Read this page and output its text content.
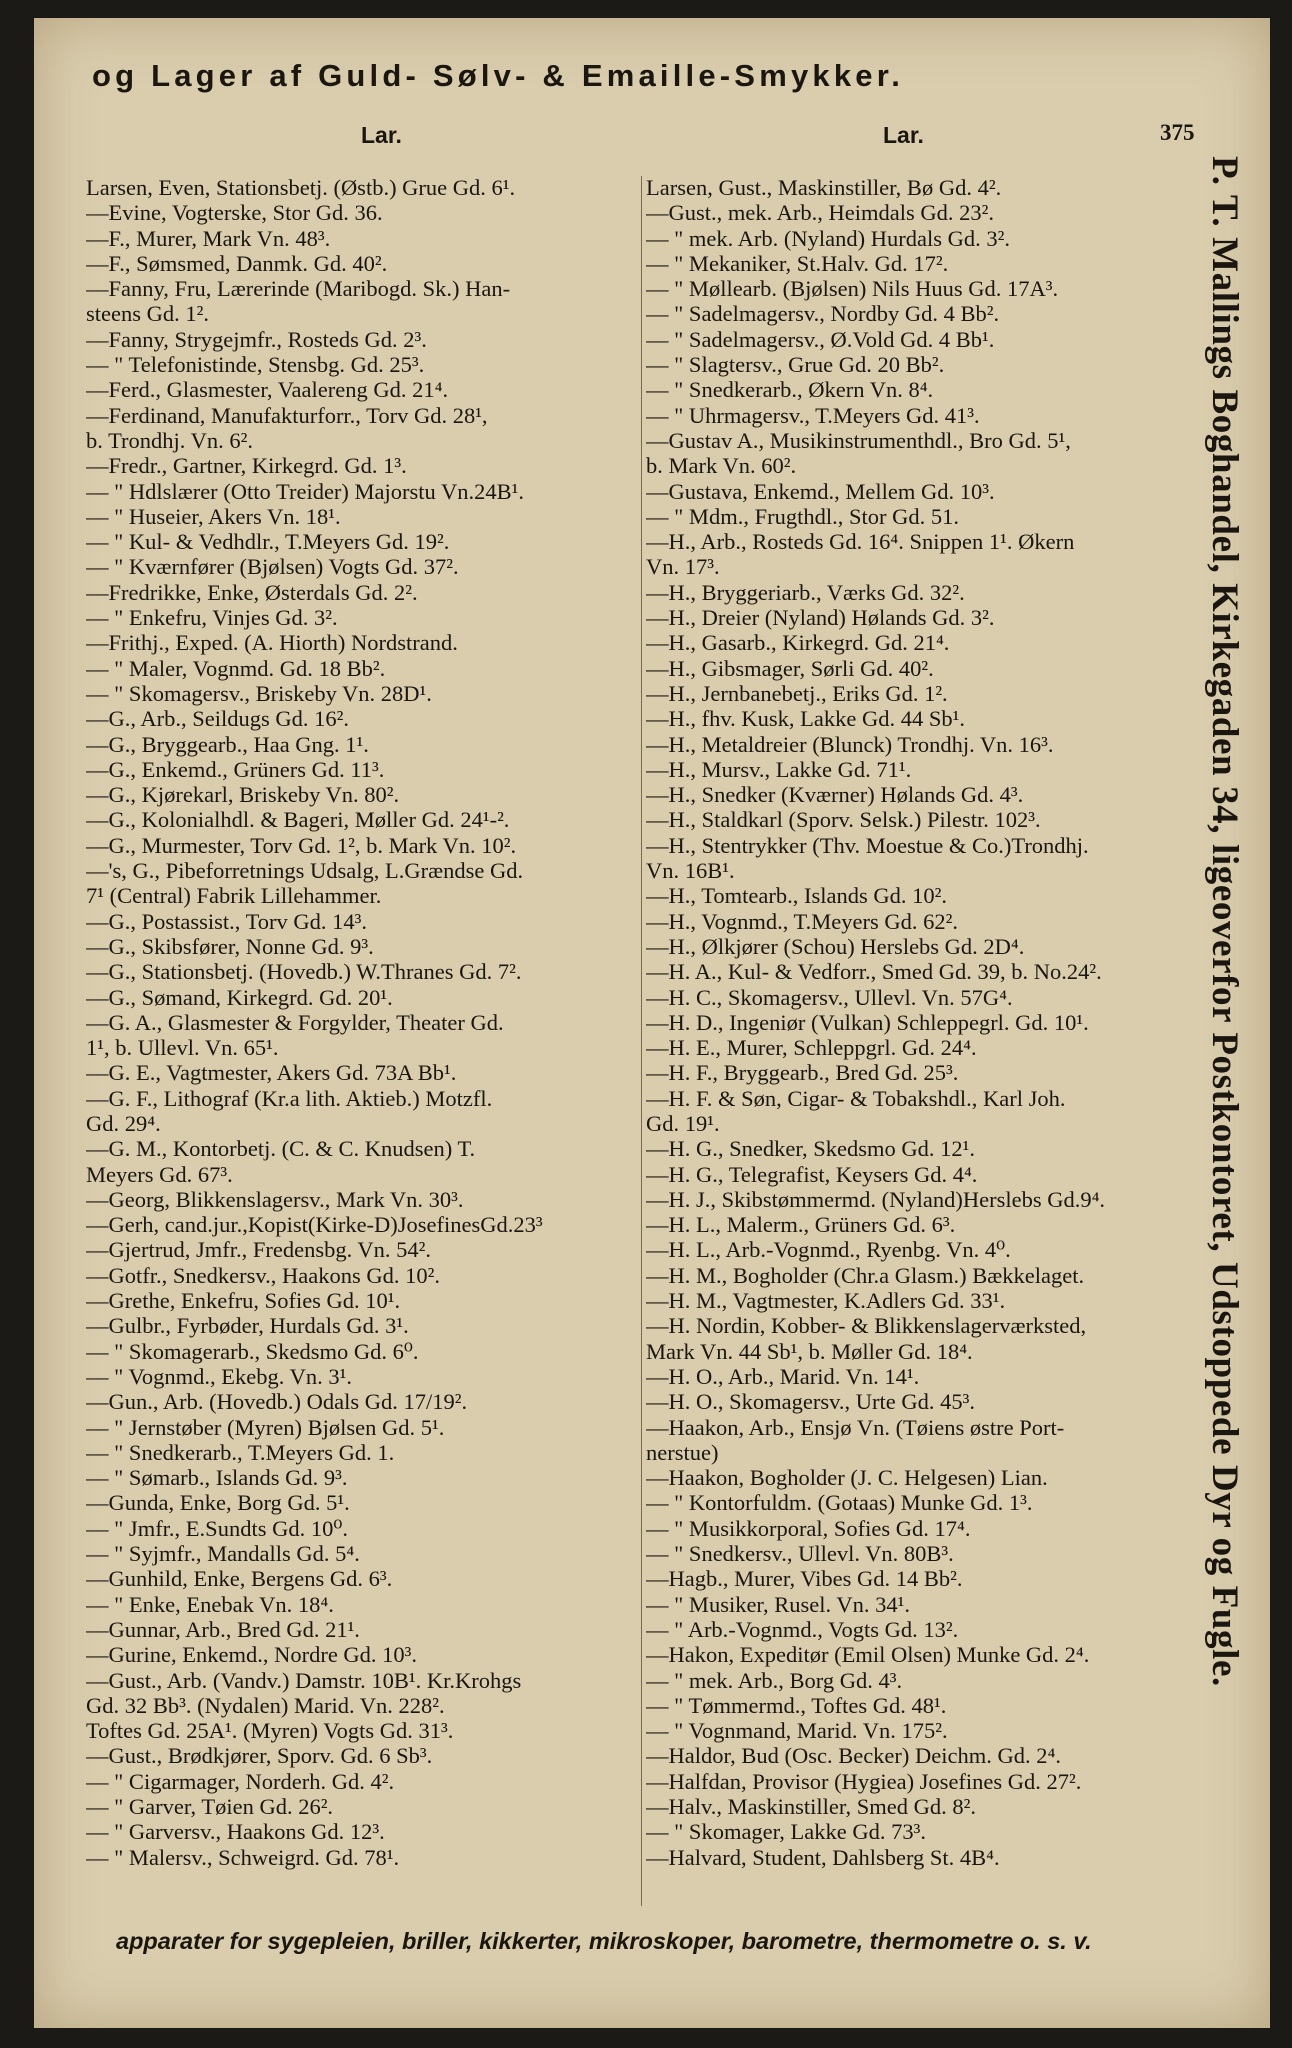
og Lager af Guld- Sølv- & Emaille-Smykker.
Lar.	Lar.	375
Larsen, Even, Stationsbetj. (Østb.) Grue Gd. 6¹.
—Evine, Vogterske, Stor Gd. 36.
—F., Murer, Mark Vn. 48³.
—F., Sømsmed, Danmk. Gd. 40².
—Fanny, Fru, Lærerinde (Maribogd. Sk.) Han-
steens Gd. 1².
—Fanny, Strygejmfr., Rosteds Gd. 2³.
— " Telefonistinde, Stensbg. Gd. 25³.
—Ferd., Glasmester, Vaalereng Gd. 21⁴.
—Ferdinand, Manufakturforr., Torv Gd. 28¹,
b. Trondhj. Vn. 6².
—Fredr., Gartner, Kirkegrd. Gd. 1³.
— " Hdlslærer (Otto Treider) Majorstu Vn.24B¹.
— " Huseier, Akers Vn. 18¹.
— " Kul- & Vedhdlr., T.Meyers Gd. 19².
— " Kværnfører (Bjølsen) Vogts Gd. 37².
—Fredrikke, Enke, Østerdals Gd. 2².
— " Enkefru, Vinjes Gd. 3².
—Frithj., Exped. (A. Hiorth) Nordstrand.
— " Maler, Vognmd. Gd. 18 Bb².
— " Skomagersv., Briskeby Vn. 28D¹.
—G., Arb., Seildugs Gd. 16².
—G., Bryggearb., Haa Gng. 1¹.
—G., Enkemd., Grüners Gd. 11³.
—G., Kjørekarl, Briskeby Vn. 80².
—G., Kolonialhdl. & Bageri, Møller Gd. 24¹-².
—G., Murmester, Torv Gd. 1², b. Mark Vn. 10².
—'s, G., Pibeforretnings Udsalg, L.Grændse Gd.
7¹ (Central) Fabrik Lillehammer.
—G., Postassist., Torv Gd. 14³.
—G., Skibsfører, Nonne Gd. 9³.
—G., Stationsbetj. (Hovedb.) W.Thranes Gd. 7².
—G., Sømand, Kirkegrd. Gd. 20¹.
—G. A., Glasmester & Forgylder, Theater Gd.
1¹, b. Ullevl. Vn. 65¹.
—G. E., Vagtmester, Akers Gd. 73A Bb¹.
—G. F., Lithograf (Kr.a lith. Aktieb.) Motzfl.
Gd. 29⁴.
—G. M., Kontorbetj. (C. & C. Knudsen) T.
Meyers Gd. 67³.
—Georg, Blikkenslagersv., Mark Vn. 30³.
—Gerh, cand.jur.,Kopist(Kirke-D)JosefinesGd.23³
—Gjertrud, Jmfr., Fredensbg. Vn. 54².
—Gotfr., Snedkersv., Haakons Gd. 10².
—Grethe, Enkefru, Sofies Gd. 10¹.
—Gulbr., Fyrbøder, Hurdals Gd. 3¹.
— " Skomagerarb., Skedsmo Gd. 6⁰.
— " Vognmd., Ekebg. Vn. 3¹.
—Gun., Arb. (Hovedb.) Odals Gd. 17/19².
— " Jernstøber (Myren) Bjølsen Gd. 5¹.
— " Snedkerarb., T.Meyers Gd. 1.
— " Sømarb., Islands Gd. 9³.
—Gunda, Enke, Borg Gd. 5¹.
— " Jmfr., E.Sundts Gd. 10⁰.
— " Syjmfr., Mandalls Gd. 5⁴.
—Gunhild, Enke, Bergens Gd. 6³.
— " Enke, Enebak Vn. 18⁴.
—Gunnar, Arb., Bred Gd. 21¹.
—Gurine, Enkemd., Nordre Gd. 10³.
—Gust., Arb. (Vandv.) Damstr. 10B¹. Kr.Krohgs
Gd. 32 Bb³. (Nydalen) Marid. Vn. 228².
Toftes Gd. 25A¹. (Myren) Vogts Gd. 31³.
—Gust., Brødkjører, Sporv. Gd. 6 Sb³.
— " Cigarmager, Norderh. Gd. 4².
— " Garver, Tøien Gd. 26².
— " Garversv., Haakons Gd. 12³.
— " Malersv., Schweigrd. Gd. 78¹.
Larsen, Gust., Maskinstiller, Bø Gd. 4².
—Gust., mek. Arb., Heimdals Gd. 23².
— " mek. Arb. (Nyland) Hurdals Gd. 3².
— " Mekaniker, St.Halv. Gd. 17².
— " Møllearb. (Bjølsen) Nils Huus Gd. 17A³.
— " Sadelmagersv., Nordby Gd. 4 Bb².
— " Sadelmagersv., Ø.Vold Gd. 4 Bb¹.
— " Slagtersv., Grue Gd. 20 Bb².
— " Snedkerarb., Økern Vn. 8⁴.
— " Uhrmagersv., T.Meyers Gd. 41³.
—Gustav A., Musikinstrumenthdl., Bro Gd. 5¹,
b. Mark Vn. 60².
—Gustava, Enkemd., Mellem Gd. 10³.
— " Mdm., Frugthdl., Stor Gd. 51.
—H., Arb., Rosteds Gd. 16⁴. Snippen 1¹. Økern
Vn. 17³.
—H., Bryggeriarb., Værks Gd. 32².
—H., Dreier (Nyland) Hølands Gd. 3².
—H., Gasarb., Kirkegrd. Gd. 21⁴.
—H., Gibsmager, Sørli Gd. 40².
—H., Jernbanebetj., Eriks Gd. 1².
—H., fhv. Kusk, Lakke Gd. 44 Sb¹.
—H., Metaldreier (Blunck) Trondhj. Vn. 16³.
—H., Mursv., Lakke Gd. 71¹.
—H., Snedker (Kværner) Hølands Gd. 4³.
—H., Staldkarl (Sporv. Selsk.) Pilestr. 102³.
—H., Stentrykker (Thv. Moestue & Co.)Trondhj.
Vn. 16B¹.
—H., Tomtearb., Islands Gd. 10².
—H., Vognmd., T.Meyers Gd. 62².
—H., Ølkjører (Schou) Herslebs Gd. 2D⁴.
—H. A., Kul- & Vedforr., Smed Gd. 39, b. No.24².
—H. C., Skomagersv., Ullevl. Vn. 57G⁴.
—H. D., Ingeniør (Vulkan) Schleppegrl. Gd. 10¹.
—H. E., Murer, Schleppgrl. Gd. 24⁴.
—H. F., Bryggearb., Bred Gd. 25³.
—H. F. & Søn, Cigar- & Tobakshdl., Karl Joh.
Gd. 19¹.
—H. G., Snedker, Skedsmo Gd. 12¹.
—H. G., Telegrafist, Keysers Gd. 4⁴.
—H. J., Skibstømmermd. (Nyland)Herslebs Gd.9⁴.
—H. L., Malerm., Grüners Gd. 6³.
—H. L., Arb.-Vognmd., Ryenbg. Vn. 4⁰.
—H. M., Bogholder (Chr.a Glasm.) Bækkelaget.
—H. M., Vagtmester, K.Adlers Gd. 33¹.
—H. Nordin, Kobber- & Blikkenslagerværksted,
Mark Vn. 44 Sb¹, b. Møller Gd. 18⁴.
—H. O., Arb., Marid. Vn. 14¹.
—H. O., Skomagersv., Urte Gd. 45³.
—Haakon, Arb., Ensjø Vn. (Tøiens østre Port-
nerstue)
—Haakon, Bogholder (J. C. Helgesen) Lian.
— " Kontorfuldm. (Gotaas) Munke Gd. 1³.
— " Musikkorporal, Sofies Gd. 17⁴.
— " Snedkersv., Ullevl. Vn. 80B³.
—Hagb., Murer, Vibes Gd. 14 Bb².
— " Musiker, Rusel. Vn. 34¹.
— " Arb.-Vognmd., Vogts Gd. 13².
—Hakon, Expeditør (Emil Olsen) Munke Gd. 2⁴.
— " mek. Arb., Borg Gd. 4³.
— " Tømmermd., Toftes Gd. 48¹.
— " Vognmand, Marid. Vn. 175².
—Haldor, Bud (Osc. Becker) Deichm. Gd. 2⁴.
—Halfdan, Provisor (Hygiea) Josefines Gd. 27².
—Halv., Maskinstiller, Smed Gd. 8².
— " Skomager, Lakke Gd. 73³.
—Halvard, Student, Dahlsberg St. 4B⁴.
P. T. Mallings Boghandel, Kirkegaden 34, ligeoverfor Postkontoret, Udstoppede Dyr og Fugle.
apparater for sygepleien, briller, kikkerter, mikroskoper, barometre, thermometre o. s. v.
